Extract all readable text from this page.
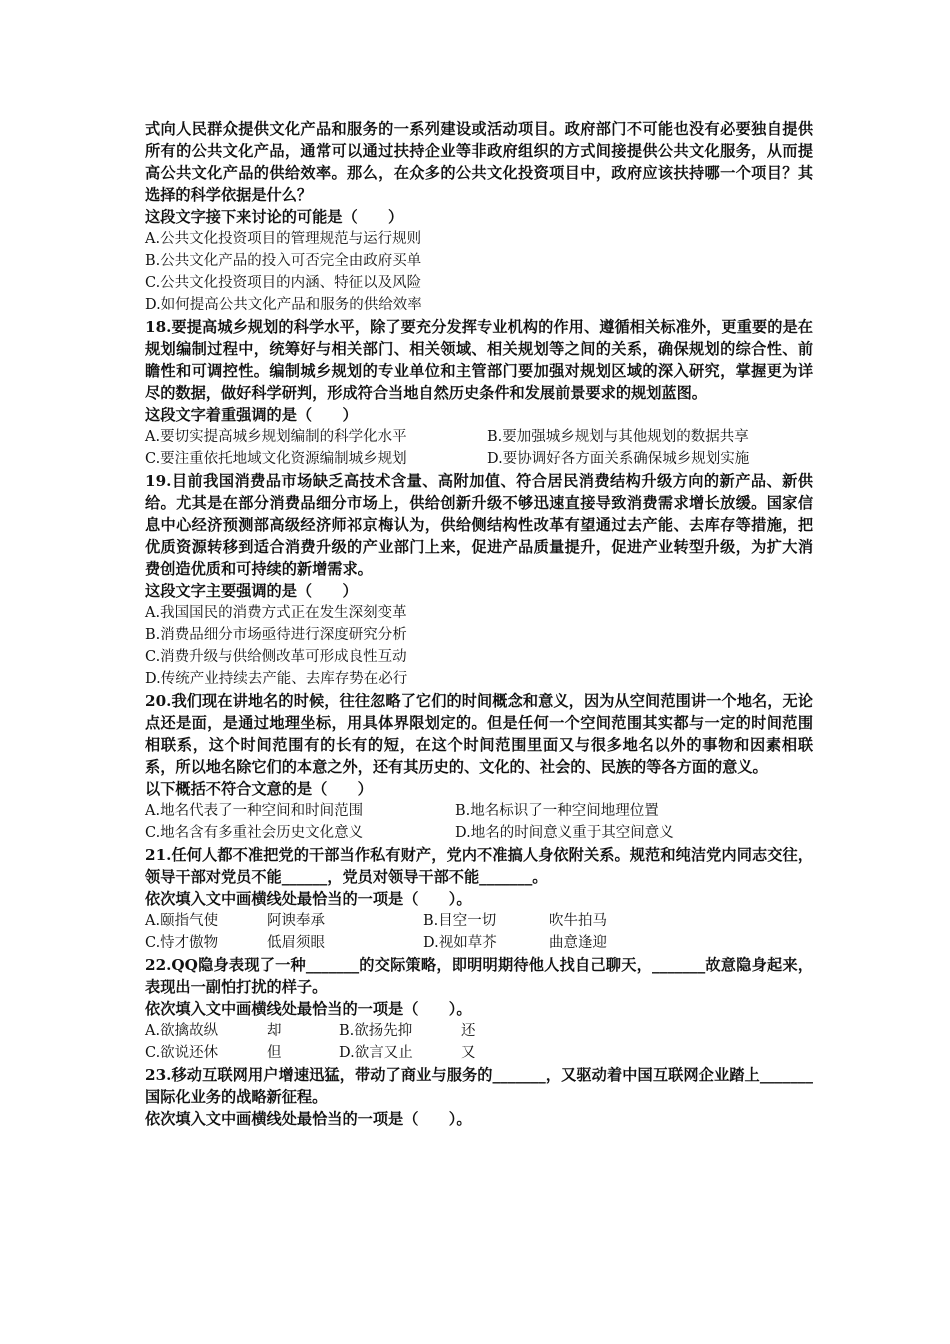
式向人民群众提供文化产品和服务的一系列建设或活动项目。政府部门不可能也没有必要独自提供所有的公共文化产品，通常可以通过扶持企业等非政府组织的方式间接提供公共文化服务，从而提高公共文化产品的供给效率。那么，在众多的公共文化投资项目中，政府应该扶持哪一个项目？其选择的科学依据是什么？

这段文字接下来讨论的可能是（　　）

A.公共文化投资项目的管理规范与运行规则

B.公共文化产品的投入可否完全由政府买单

C.公共文化投资项目的内涵、特征以及风险

D.如何提高公共文化产品和服务的供给效率

18.要提高城乡规划的科学水平，除了要充分发挥专业机构的作用、遵循相关标准外，更重要的是在规划编制过程中，统筹好与相关部门、相关领域、相关规划等之间的关系，确保规划的综合性、前瞻性和可调控性。编制城乡规划的专业单位和主管部门要加强对规划区域的深入研究，掌握更为详尽的数据，做好科学研判，形成符合当地自然历史条件和发展前景要求的规划蓝图。

这段文字着重强调的是（　　）

A.要切实提高城乡规划编制的科学化水平	B.要加强城乡规划与其他规划的数据共享
C.要注重依托地域文化资源编制城乡规划	D.要协调好各方面关系确保城乡规划实施

19.目前我国消费品市场缺乏高技术含量、高附加值、符合居民消费结构升级方向的新产品、新供给。尤其是在部分消费品细分市场上，供给创新升级不够迅速直接导致消费需求增长放缓。国家信息中心经济预测部高级经济师祁京梅认为，供给侧结构性改革有望通过去产能、去库存等措施，把优质资源转移到适合消费升级的产业部门上来，促进产品质量提升，促进产业转型升级，为扩大消费创造优质和可持续的新增需求。

这段文字主要强调的是（　　）

A.我国国民的消费方式正在发生深刻变革

B.消费品细分市场亟待进行深度研究分析

C.消费升级与供给侧改革可形成良性互动

D.传统产业持续去产能、去库存势在必行

20.我们现在讲地名的时候，往往忽略了它们的时间概念和意义，因为从空间范围讲一个地名，无论点还是面，是通过地理坐标，用具体界限划定的。但是任何一个空间范围其实都与一定的时间范围相联系，这个时间范围有的长有的短，在这个时间范围里面又与很多地名以外的事物和因素相联系，所以地名除它们的本意之外，还有其历史的、文化的、社会的、民族的等各方面的意义。

以下概括不符合文意的是（　　）

A.地名代表了一种空间和时间范围	B.地名标识了一种空间地理位置
C.地名含有多重社会历史文化意义	D.地名的时间意义重于其空间意义

21.任何人都不准把党的干部当作私有财产，党内不准搞人身依附关系。规范和纯洁党内同志交往，领导干部对党员不能______，党员对领导干部不能_______。

依次填入文中画横线处最恰当的一项是（　　）。

A.颐指气使	阿谀奉承	B.目空一切	吹牛拍马
C.恃才傲物	低眉须眼	D.视如草芥	曲意逢迎

22.QQ隐身表现了一种_______的交际策略，即明明期待他人找自己聊天，_______故意隐身起来，表现出一副怕打扰的样子。

依次填入文中画横线处最恰当的一项是（　　）。

A.欲擒故纵	却	B.欲扬先抑	还
C.欲说还休	但	D.欲言又止	又

23.移动互联网用户增速迅猛，带动了商业与服务的_______，又驱动着中国互联网企业踏上_______国际化业务的战略新征程。

依次填入文中画横线处最恰当的一项是（　　）。
